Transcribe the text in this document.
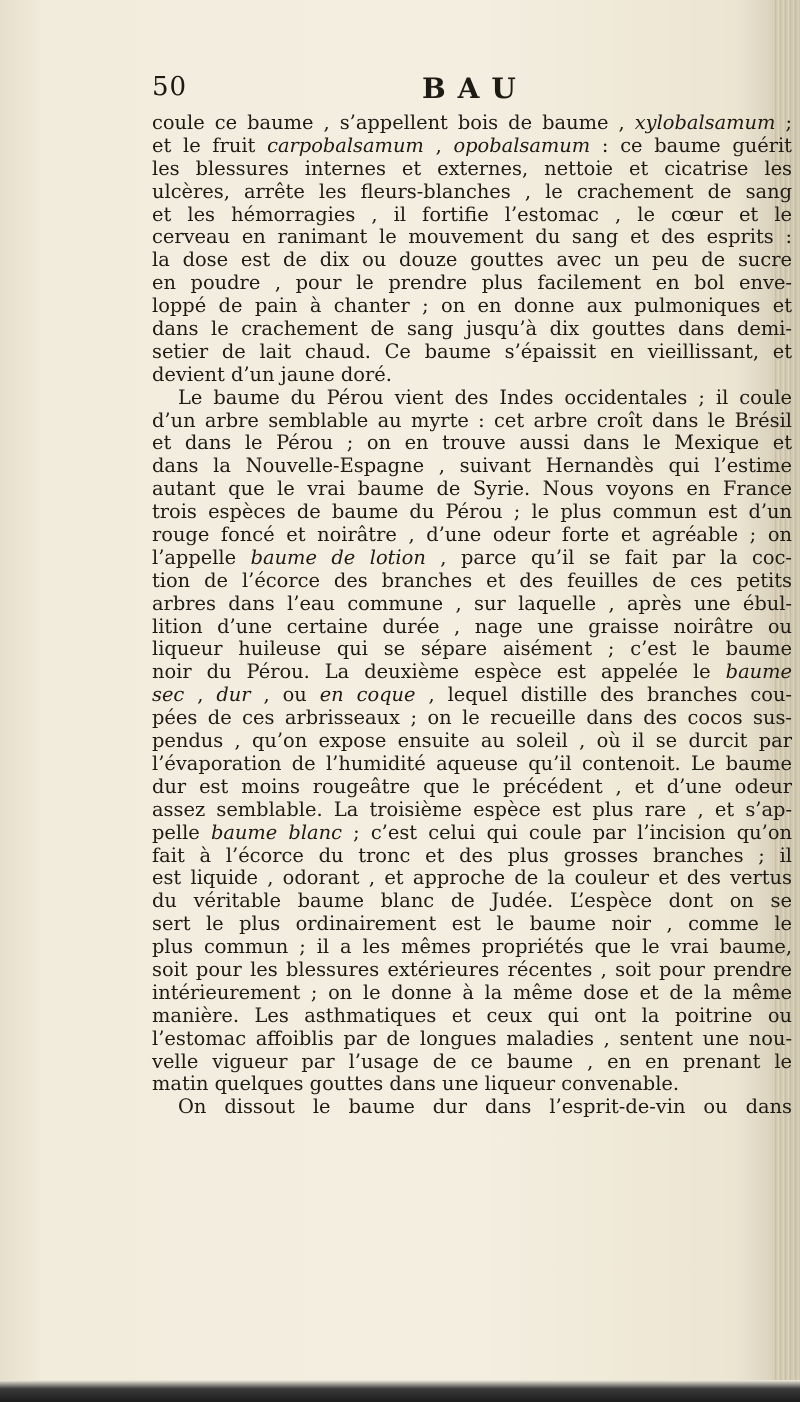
50	BAU
coule ce baume , s’appellent bois de baume , xylobalsamum ;
et le fruit carpobalsamum , opobalsamum : ce baume guérit
les blessures internes et externes, nettoie et cicatrise les
ulcères, arrête les fleurs-blanches , le crachement de sang
et les hémorragies , il fortifie l’estomac , le cœur et le
cerveau en ranimant le mouvement du sang et des esprits :
la dose est de dix ou douze gouttes avec un peu de sucre
en poudre , pour le prendre plus facilement en bol enve-
loppé de pain à chanter ; on en donne aux pulmoniques et
dans le crachement de sang jusqu’à dix gouttes dans demi-
setier de lait chaud. Ce baume s’épaissit en vieillissant, et
devient d’un jaune doré.
Le baume du Pérou vient des Indes occidentales ; il coule
d’un arbre semblable au myrte : cet arbre croît dans le Brésil
et dans le Pérou ; on en trouve aussi dans le Mexique et
dans la Nouvelle-Espagne , suivant Hernandès qui l’estime
autant que le vrai baume de Syrie. Nous voyons en France
trois espèces de baume du Pérou ; le plus commun est d’un
rouge foncé et noirâtre , d’une odeur forte et agréable ; on
l’appelle baume de lotion , parce qu’il se fait par la coc-
tion de l’écorce des branches et des feuilles de ces petits
arbres dans l’eau commune , sur laquelle , après une ébul-
lition d’une certaine durée , nage une graisse noirâtre ou
liqueur huileuse qui se sépare aisément ; c’est le baume
noir du Pérou. La deuxième espèce est appelée le baume
sec , dur , ou en coque , lequel distille des branches cou-
pées de ces arbrisseaux ; on le recueille dans des cocos sus-
pendus , qu’on expose ensuite au soleil , où il se durcit par
l’évaporation de l’humidité aqueuse qu’il contenoit. Le baume
dur est moins rougeâtre que le précédent , et d’une odeur
assez semblable. La troisième espèce est plus rare , et s’ap-
pelle baume blanc ; c’est celui qui coule par l’incision qu’on
fait à l’écorce du tronc et des plus grosses branches ; il
est liquide , odorant , et approche de la couleur et des vertus
du véritable baume blanc de Judée. L’espèce dont on se
sert le plus ordinairement est le baume noir , comme le
plus commun ; il a les mêmes propriétés que le vrai baume,
soit pour les blessures extérieures récentes , soit pour prendre
intérieurement ; on le donne à la même dose et de la même
manière. Les asthmatiques et ceux qui ont la poitrine ou
l’estomac affoiblis par de longues maladies , sentent une nou-
velle vigueur par l’usage de ce baume , en en prenant le
matin quelques gouttes dans une liqueur convenable.
On dissout le baume dur dans l’esprit-de-vin ou dans
